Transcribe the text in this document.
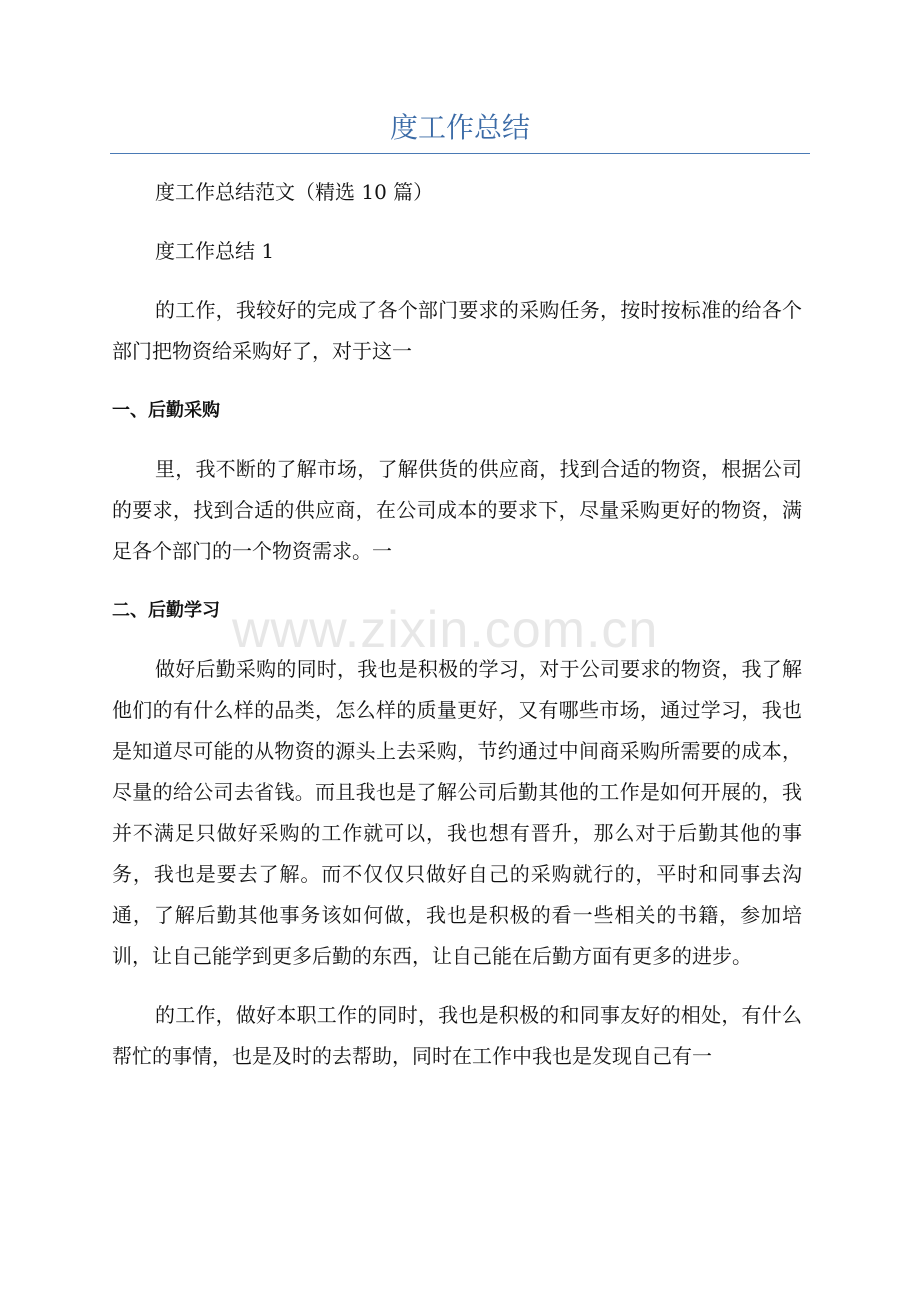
度工作总结

度工作总结范文（精选 10 篇）

度工作总结 1

的工作，我较好的完成了各个部门要求的采购任务，按时按标准的给各个部门把物资给采购好了，对于这一

一、后勤采购

里，我不断的了解市场，了解供货的供应商，找到合适的物资，根据公司的要求，找到合适的供应商，在公司成本的要求下，尽量采购更好的物资，满足各个部门的一个物资需求。一

二、后勤学习

做好后勤采购的同时，我也是积极的学习，对于公司要求的物资，我了解他们的有什么样的品类，怎么样的质量更好，又有哪些市场，通过学习，我也是知道尽可能的从物资的源头上去采购，节约通过中间商采购所需要的成本，尽量的给公司去省钱。而且我也是了解公司后勤其他的工作是如何开展的，我并不满足只做好采购的工作就可以，我也想有晋升，那么对于后勤其他的事务，我也是要去了解。而不仅仅只做好自己的采购就行的，平时和同事去沟通，了解后勤其他事务该如何做，我也是积极的看一些相关的书籍，参加培训，让自己能学到更多后勤的东西，让自己能在后勤方面有更多的进步。

的工作，做好本职工作的同时，我也是积极的和同事友好的相处，有什么帮忙的事情，也是及时的去帮助，同时在工作中我也是发现自己有一

www.zixin.com.cn
